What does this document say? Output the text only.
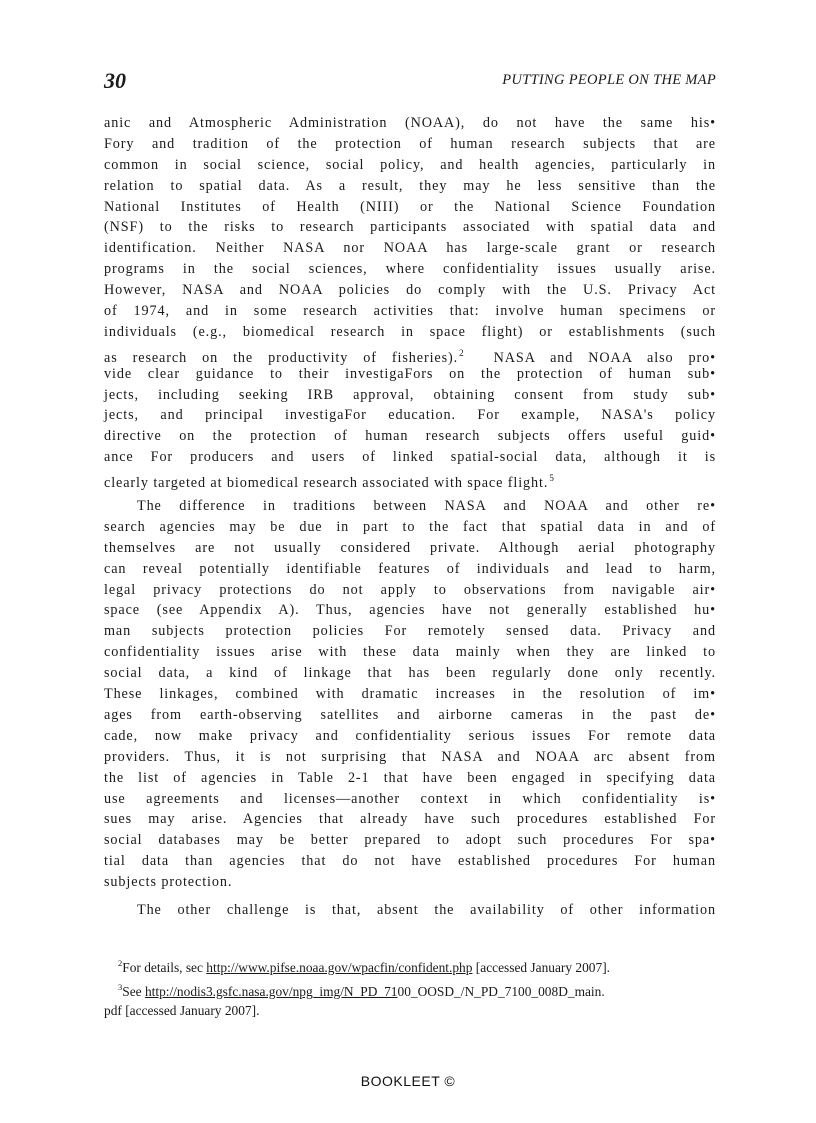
30	PUTTING PEOPLE ON THE MAP
anic and Atmospheric Administration (NOAA), do not have the same his•
Fory and tradition of the protection of human research subjects that are
common in social science, social policy, and health agencies, particularly in
relation to spatial data. As a result, they may he less sensitive than the
National Institutes of Health (NIII) or the National Science Foundation
(NSF) to the risks to research participants associated with spatial data and
identification. Neither NASA nor NOAA has large-scale grant or research
programs in the social sciences, where confidentiality issues usually arise.
However, NASA and NOAA policies do comply with the U.S. Privacy Act
of 1974, and in some research activities that: involve human specimens or
individuals (e.g., biomedical research in space flight) or establishments (such
as research on the productivity of fisheries).$^2$ NASA and NOAA also pro•
vide clear guidance to their investigaFors on the protection of human sub•
jects, including seeking IRB approval, obtaining consent from study sub•
jects, and principal investigaFor education. For example, NASA's policy
directive on the protection of human research subjects offers useful guid•
ance For producers and users of linked spatial-social data, although it is
clearly targeted at biomedical research associated with space flight.$^5$
The difference in traditions between NASA and NOAA and other re•
search agencies may be due in part to the fact that spatial data in and of
themselves are not usually considered private. Although aerial photography
can reveal potentially identifiable features of individuals and lead to harm,
legal privacy protections do not apply to observations from navigable air•
space (see Appendix A). Thus, agencies have not generally established hu•
man subjects protection policies For remotely sensed data. Privacy and
confidentiality issues arise with these data mainly when they are linked to
social data, a kind of linkage that has been regularly done only recently.
These linkages, combined with dramatic increases in the resolution of im•
ages from earth-observing satellites and airborne cameras in the past de•
cade, now make privacy and confidentiality serious issues For remote data
providers. Thus, it is not surprising that NASA and NOAA arc absent from
the list of agencies in Table 2-1 that have been engaged in specifying data
use agreements and licenses—another context in which confidentiality is•
sues may arise. Agencies that already have such procedures established For
social databases may be better prepared to adopt such procedures For spa•
tial data than agencies that do not have established procedures For human
subjects protection.
The other challenge is that, absent the availability of other information
$^2$For details, sec http://www.pifse.noaa.gov/wpacfin/confident.php [accessed January 2007].
$^3$See http://nodis3.gsfc.nasa.gov/npg_img/N_PD_7100_OOSD_/N_PD_7100_008D_main.
pdf [accessed January 2007].
BOOKLEET ©
